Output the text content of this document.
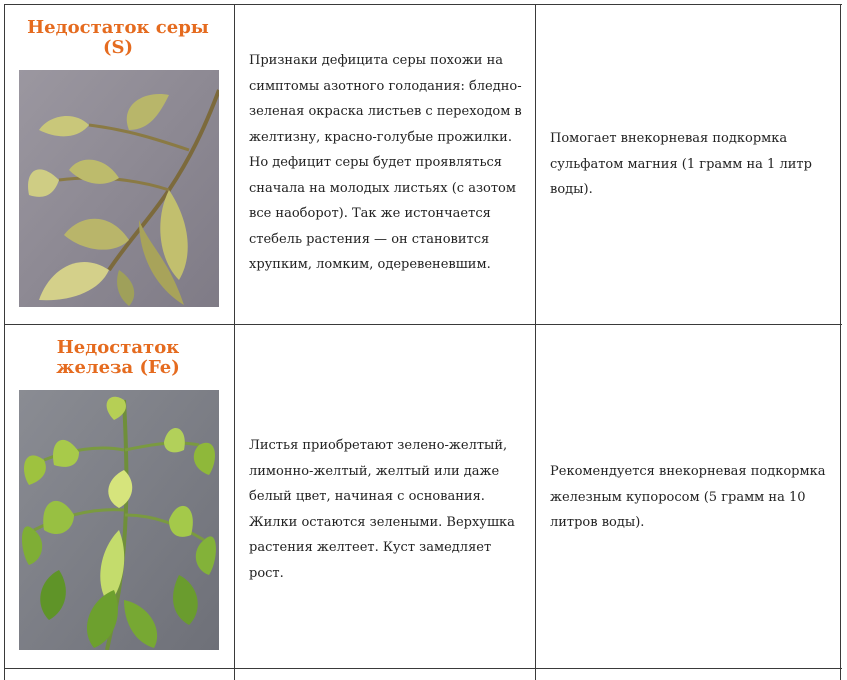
Недостаток серы (S)
Признаки дефицита серы похожи на
симптомы азотного голодания: бледно-
зеленая окраска листьев с переходом в
желтизну, красно-голубые прожилки.
Но дефицит серы будет проявляться
сначала на молодых листьях (с азотом
все наоборот). Так же истончается
стебель растения — он становится
хрупким, ломким, одеревеневшим.
Помогает внекорневая подкормка
сульфатом магния (1 грамм на 1 литр
воды).
Недостаток железа (Fe)
Листья приобретают зелено-желтый,
лимонно-желтый, желтый или даже
белый цвет, начиная с основания.
Жилки остаются зелеными. Верхушка
растения желтеет. Куст замедляет рост.
Рекомендуется внекорневая подкормка
железным купоросом (5 грамм на 10
литров воды).
